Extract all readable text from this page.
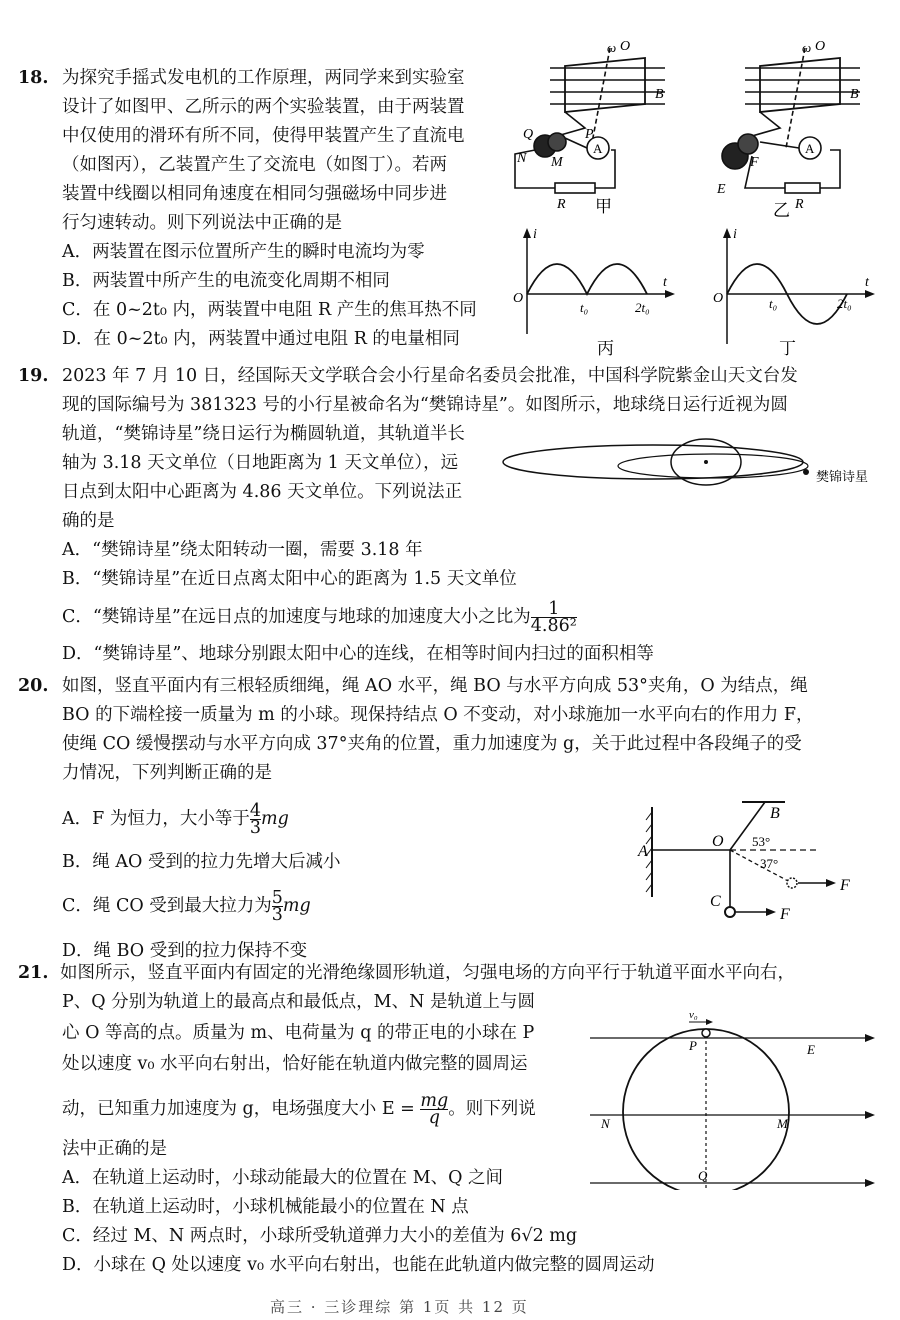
18. 为探究手摇式发电机的工作原理，两同学来到实验室
设计了如图甲、乙所示的两个实验装置，由于两装置
中仅使用的滑环有所不同，使得甲装置产生了直流电
（如图丙），乙装置产生了交流电（如图丁）。若两
装置中线圈以相同角速度在相同匀强磁场中同步进
行匀速转动。则下列说法中正确的是
A．两装置在图示位置所产生的瞬时电流均为零
B．两装置中所产生的电流变化周期不相同
C．在 0~2t₀ 内，两装置中电阻 R 产生的焦耳热不同
D．在 0~2t₀ 内，两装置中通过电阻 R 的电量相同
ω O
B
P
Q
N M
A
R 甲
ω O
B
F
E
A
R
乙
i
t
O
t₀	2t₀
丙
i
t
O	t₀	2t₀
丁
19. 2023 年 7 月 10 日，经国际天文学联合会小行星命名委员会批准，中国科学院紫金山天文台发
现的国际编号为 381323 号的小行星被命名为“樊锦诗星”。如图所示，地球绕日运行近视为圆
轨道，“樊锦诗星”绕日运行为椭圆轨道，其轨道半长
轴为 3.18 天文单位（日地距离为 1 天文单位），远
日点到太阳中心距离为 4.86 天文单位。下列说法正
确的是
A．“樊锦诗星”绕太阳转动一圈，需要 3.18 年
B．“樊锦诗星”在近日点离太阳中心的距离为 1.5 天文单位
C．“樊锦诗星”在远日点的加速度与地球的加速度大小之比为 $\frac{1}{\text{4.86²}}$
D．“樊锦诗星”、地球分别跟太阳中心的连线，在相等时间内扫过的面积相等
樊锦诗星
20. 如图，竖直平面内有三根轻质细绳，绳 AO 水平，绳 BO 与水平方向成 53°夹角，O 为结点，绳
BO 的下端栓接一质量为 m 的小球。现保持结点 O 不变动，对小球施加一水平向右的作用力 F，
使绳 CO 缓慢摆动与水平方向成 37°夹角的位置，重力加速度为 g，关于此过程中各段绳子的受
力情况，下列判断正确的是
A．F 为恒力，大小等于 $\frac{4}{3}$ mg
B．绳 AO 受到的拉力先增大后减小
C．绳 CO 受到最大拉力为 $\frac{5}{3}$ mg
D．绳 BO 受到的拉力保持不变
A
B
O
C
53°
37°
F
F
21. 如图所示，竖直平面内有固定的光滑绝缘圆形轨道，匀强电场的方向平行于轨道平面水平向右，
P、Q 分别为轨道上的最高点和最低点，M、N 是轨道上与圆
心 O 等高的点。质量为 m、电荷量为 q 的带正电的小球在 P
处以速度 v₀ 水平向右射出，恰好能在轨道内做完整的圆周运
动，已知重力加速度为 g，电场强度大小 $E = \frac{mg}{q}$ 。则下列说
法中正确的是
A．在轨道上运动时，小球动能最大的位置在 M、Q 之间
B．在轨道上运动时，小球机械能最小的位置在 N 点
C．经过 M、N 两点时，小球所受轨道弹力大小的差值为 6√2 mg
D．小球在 Q 处以速度 v₀ 水平向右射出，也能在此轨道内做完整的圆周运动
v₀
P
Q
N	M
E
高三 · 三诊理综 第 1页 共 12 页
